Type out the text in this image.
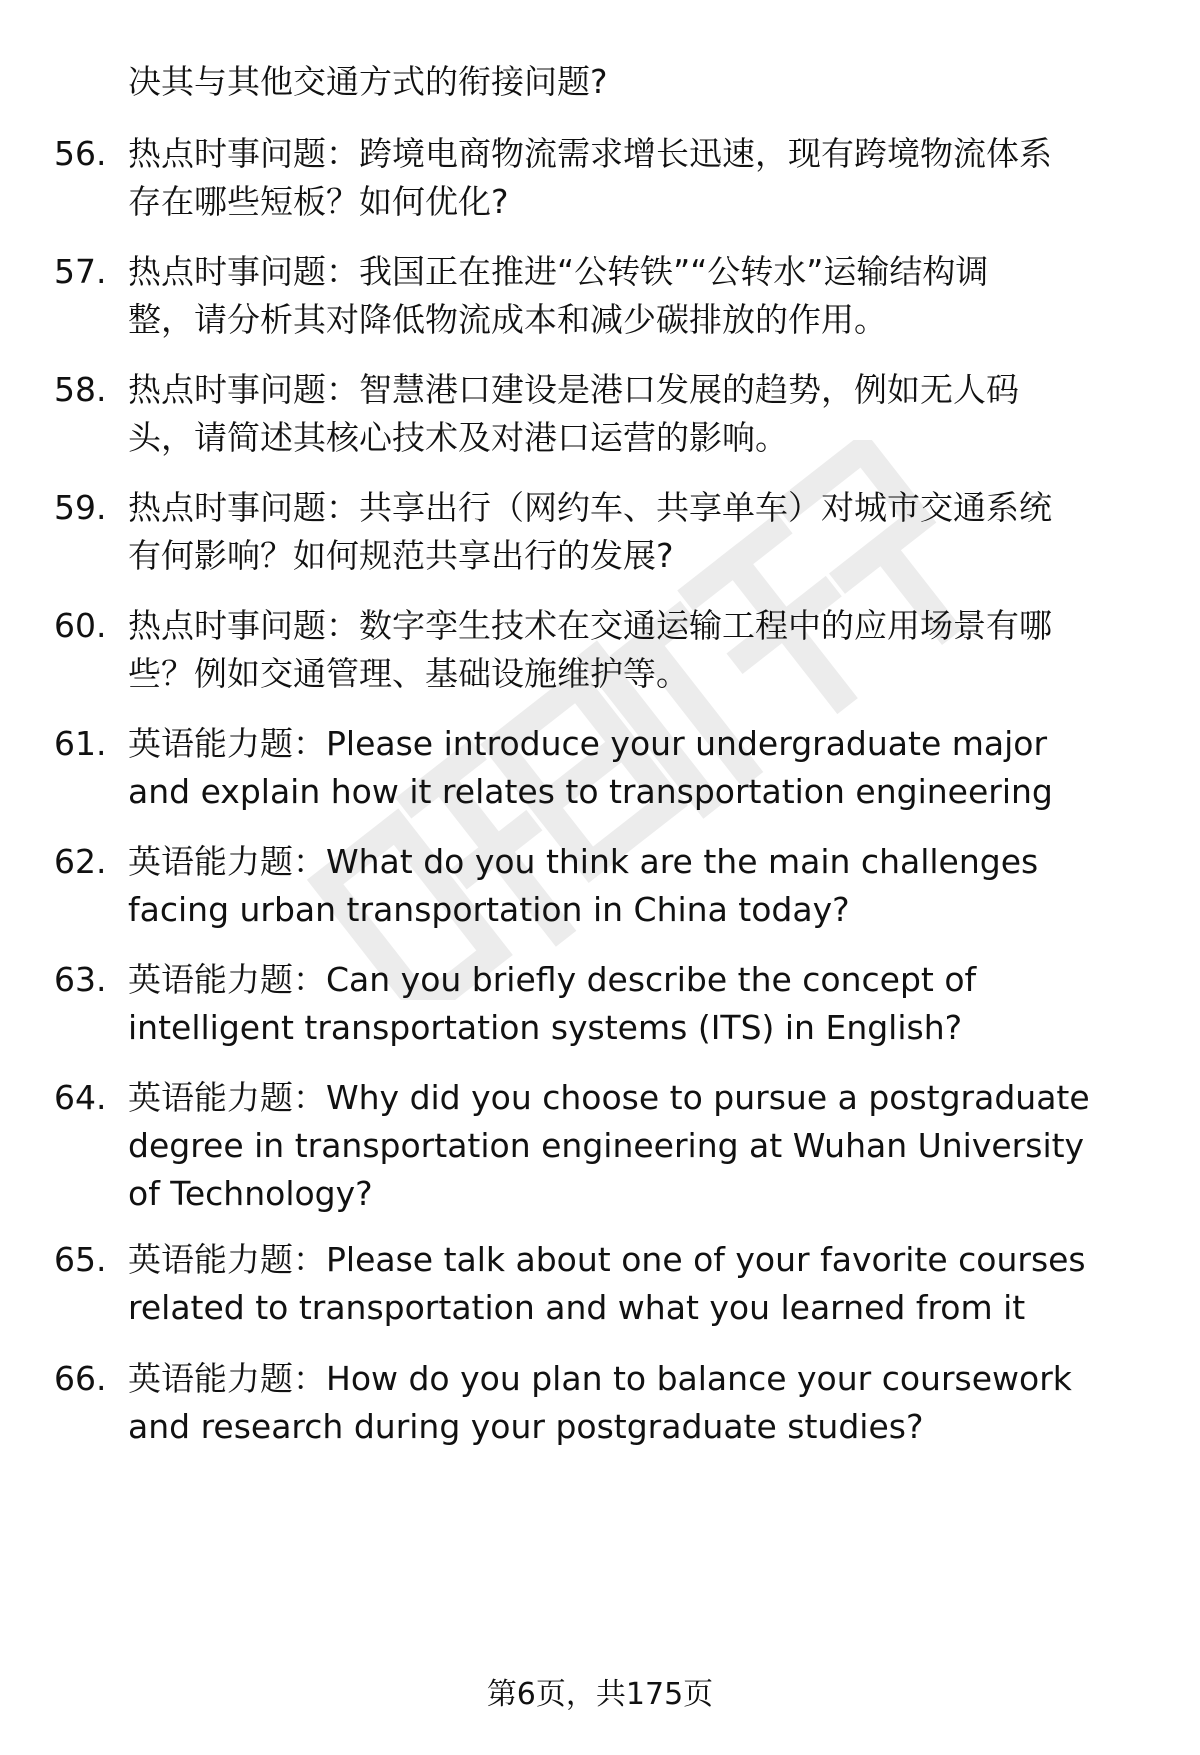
决其与其他交通方式的衔接问题?
56. 热点时事问题：跨境电商物流需求增长迅速，现有跨境物流体系
存在哪些短板？如何优化?
57. 热点时事问题：我国正在推进“公转铁”“公转水”运输结构调
整，请分析其对降低物流成本和减少碳排放的作用。
58. 热点时事问题：智慧港口建设是港口发展的趋势，例如无人码
头，请简述其核心技术及对港口运营的影响。
59. 热点时事问题：共享出行（网约车、共享单车）对城市交通系统
有何影响？如何规范共享出行的发展?
60. 热点时事问题：数字孪生技术在交通运输工程中的应用场景有哪
些？例如交通管理、基础设施维护等。
61. 英语能力题：Please introduce your undergraduate major
and explain how it relates to transportation engineering
62. 英语能力题：What do you think are the main challenges
facing urban transportation in China today?
63. 英语能力题：Can you briefly describe the concept of
intelligent transportation systems (ITS) in English?
64. 英语能力题：Why did you choose to pursue a postgraduate
degree in transportation engineering at Wuhan University
of Technology?
65. 英语能力题：Please talk about one of your favorite courses
related to transportation and what you learned from it
66. 英语能力题：How do you plan to balance your coursework
and research during your postgraduate studies?
第6页，共175页
